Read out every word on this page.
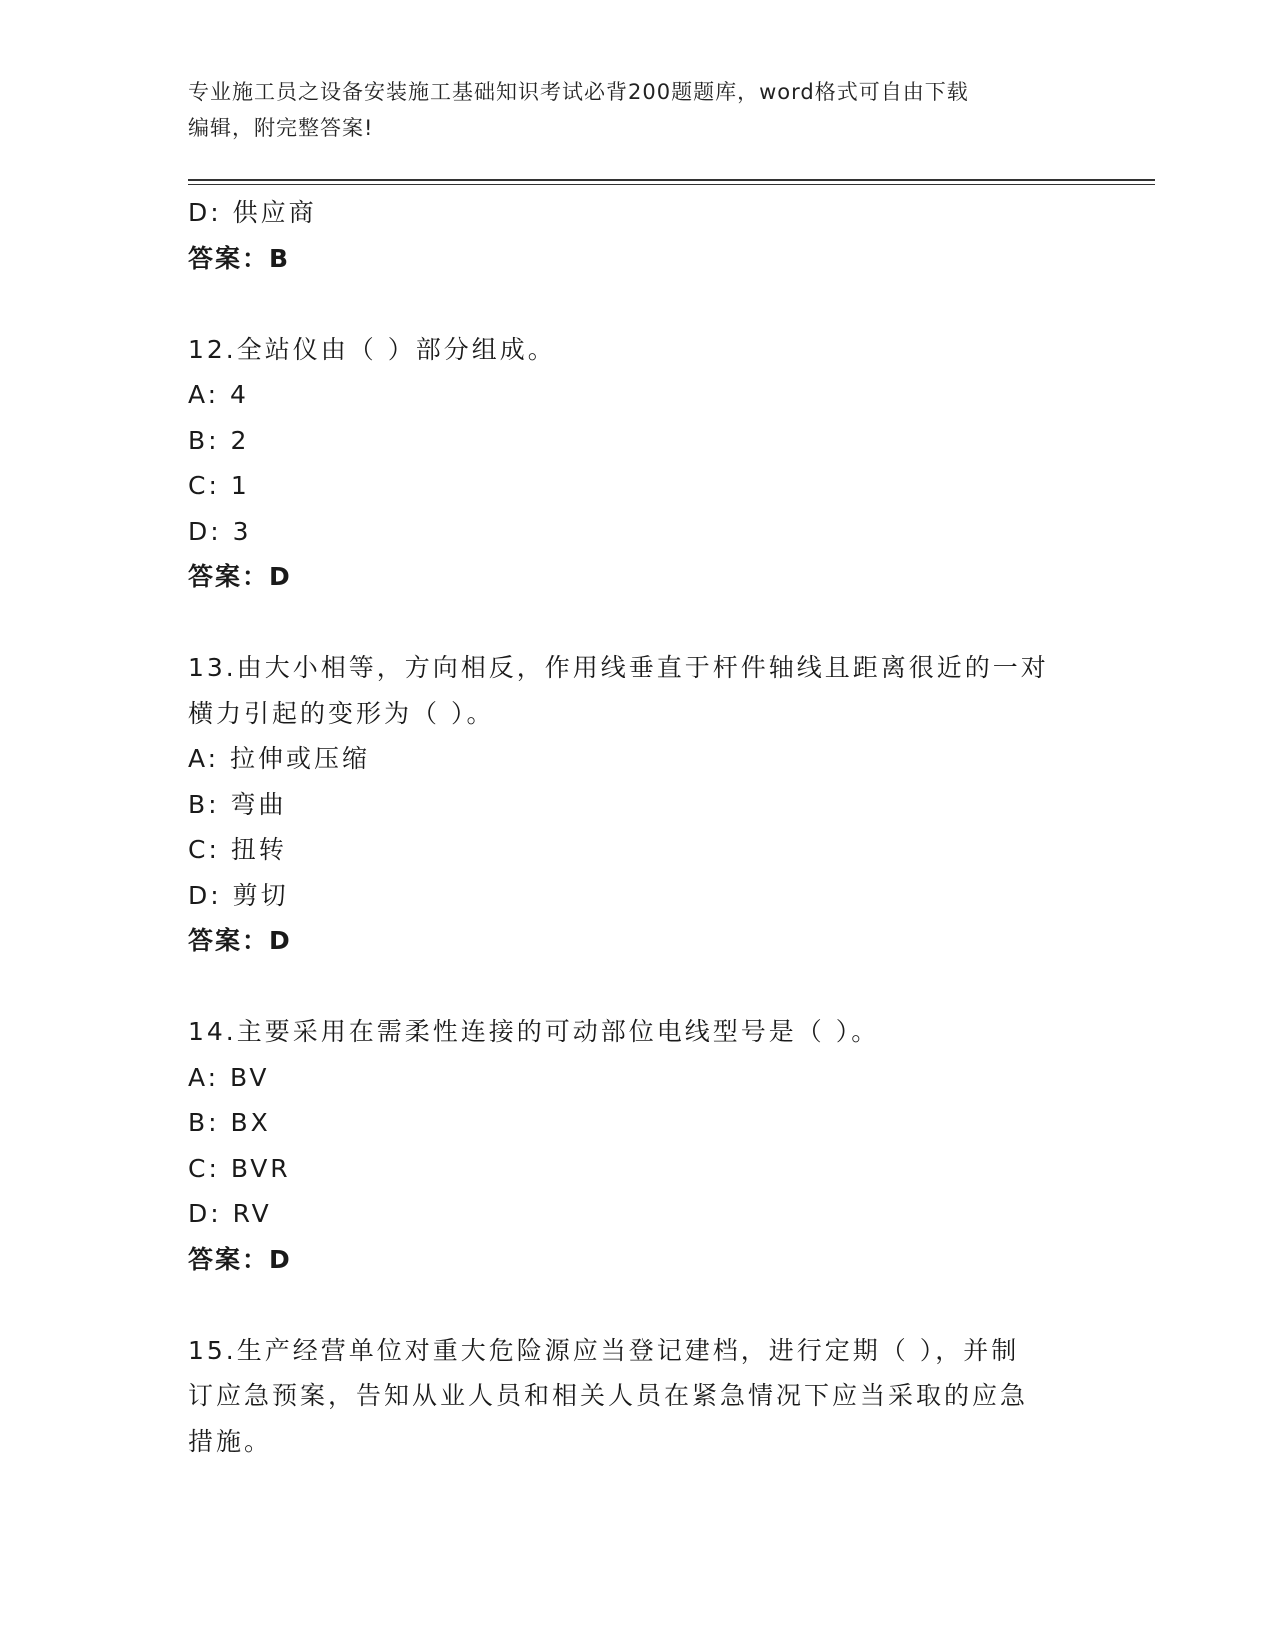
专业施工员之设备安装施工基础知识考试必背200题题库，word格式可自由下载
编辑，附完整答案!
D: 供应商
答案：B
12.全站仪由（ ）部分组成。
A: 4
B: 2
C: 1
D: 3
答案：D
13.由大小相等，方向相反，作用线垂直于杆件轴线且距离很近的一对
横力引起的变形为（ ）。
A: 拉伸或压缩
B: 弯曲
C: 扭转
D: 剪切
答案：D
14.主要采用在需柔性连接的可动部位电线型号是（ ）。
A: BV
B: BX
C: BVR
D: RV
答案：D
15.生产经营单位对重大危险源应当登记建档，进行定期（ ），并制
订应急预案，告知从业人员和相关人员在紧急情况下应当采取的应急
措施。
